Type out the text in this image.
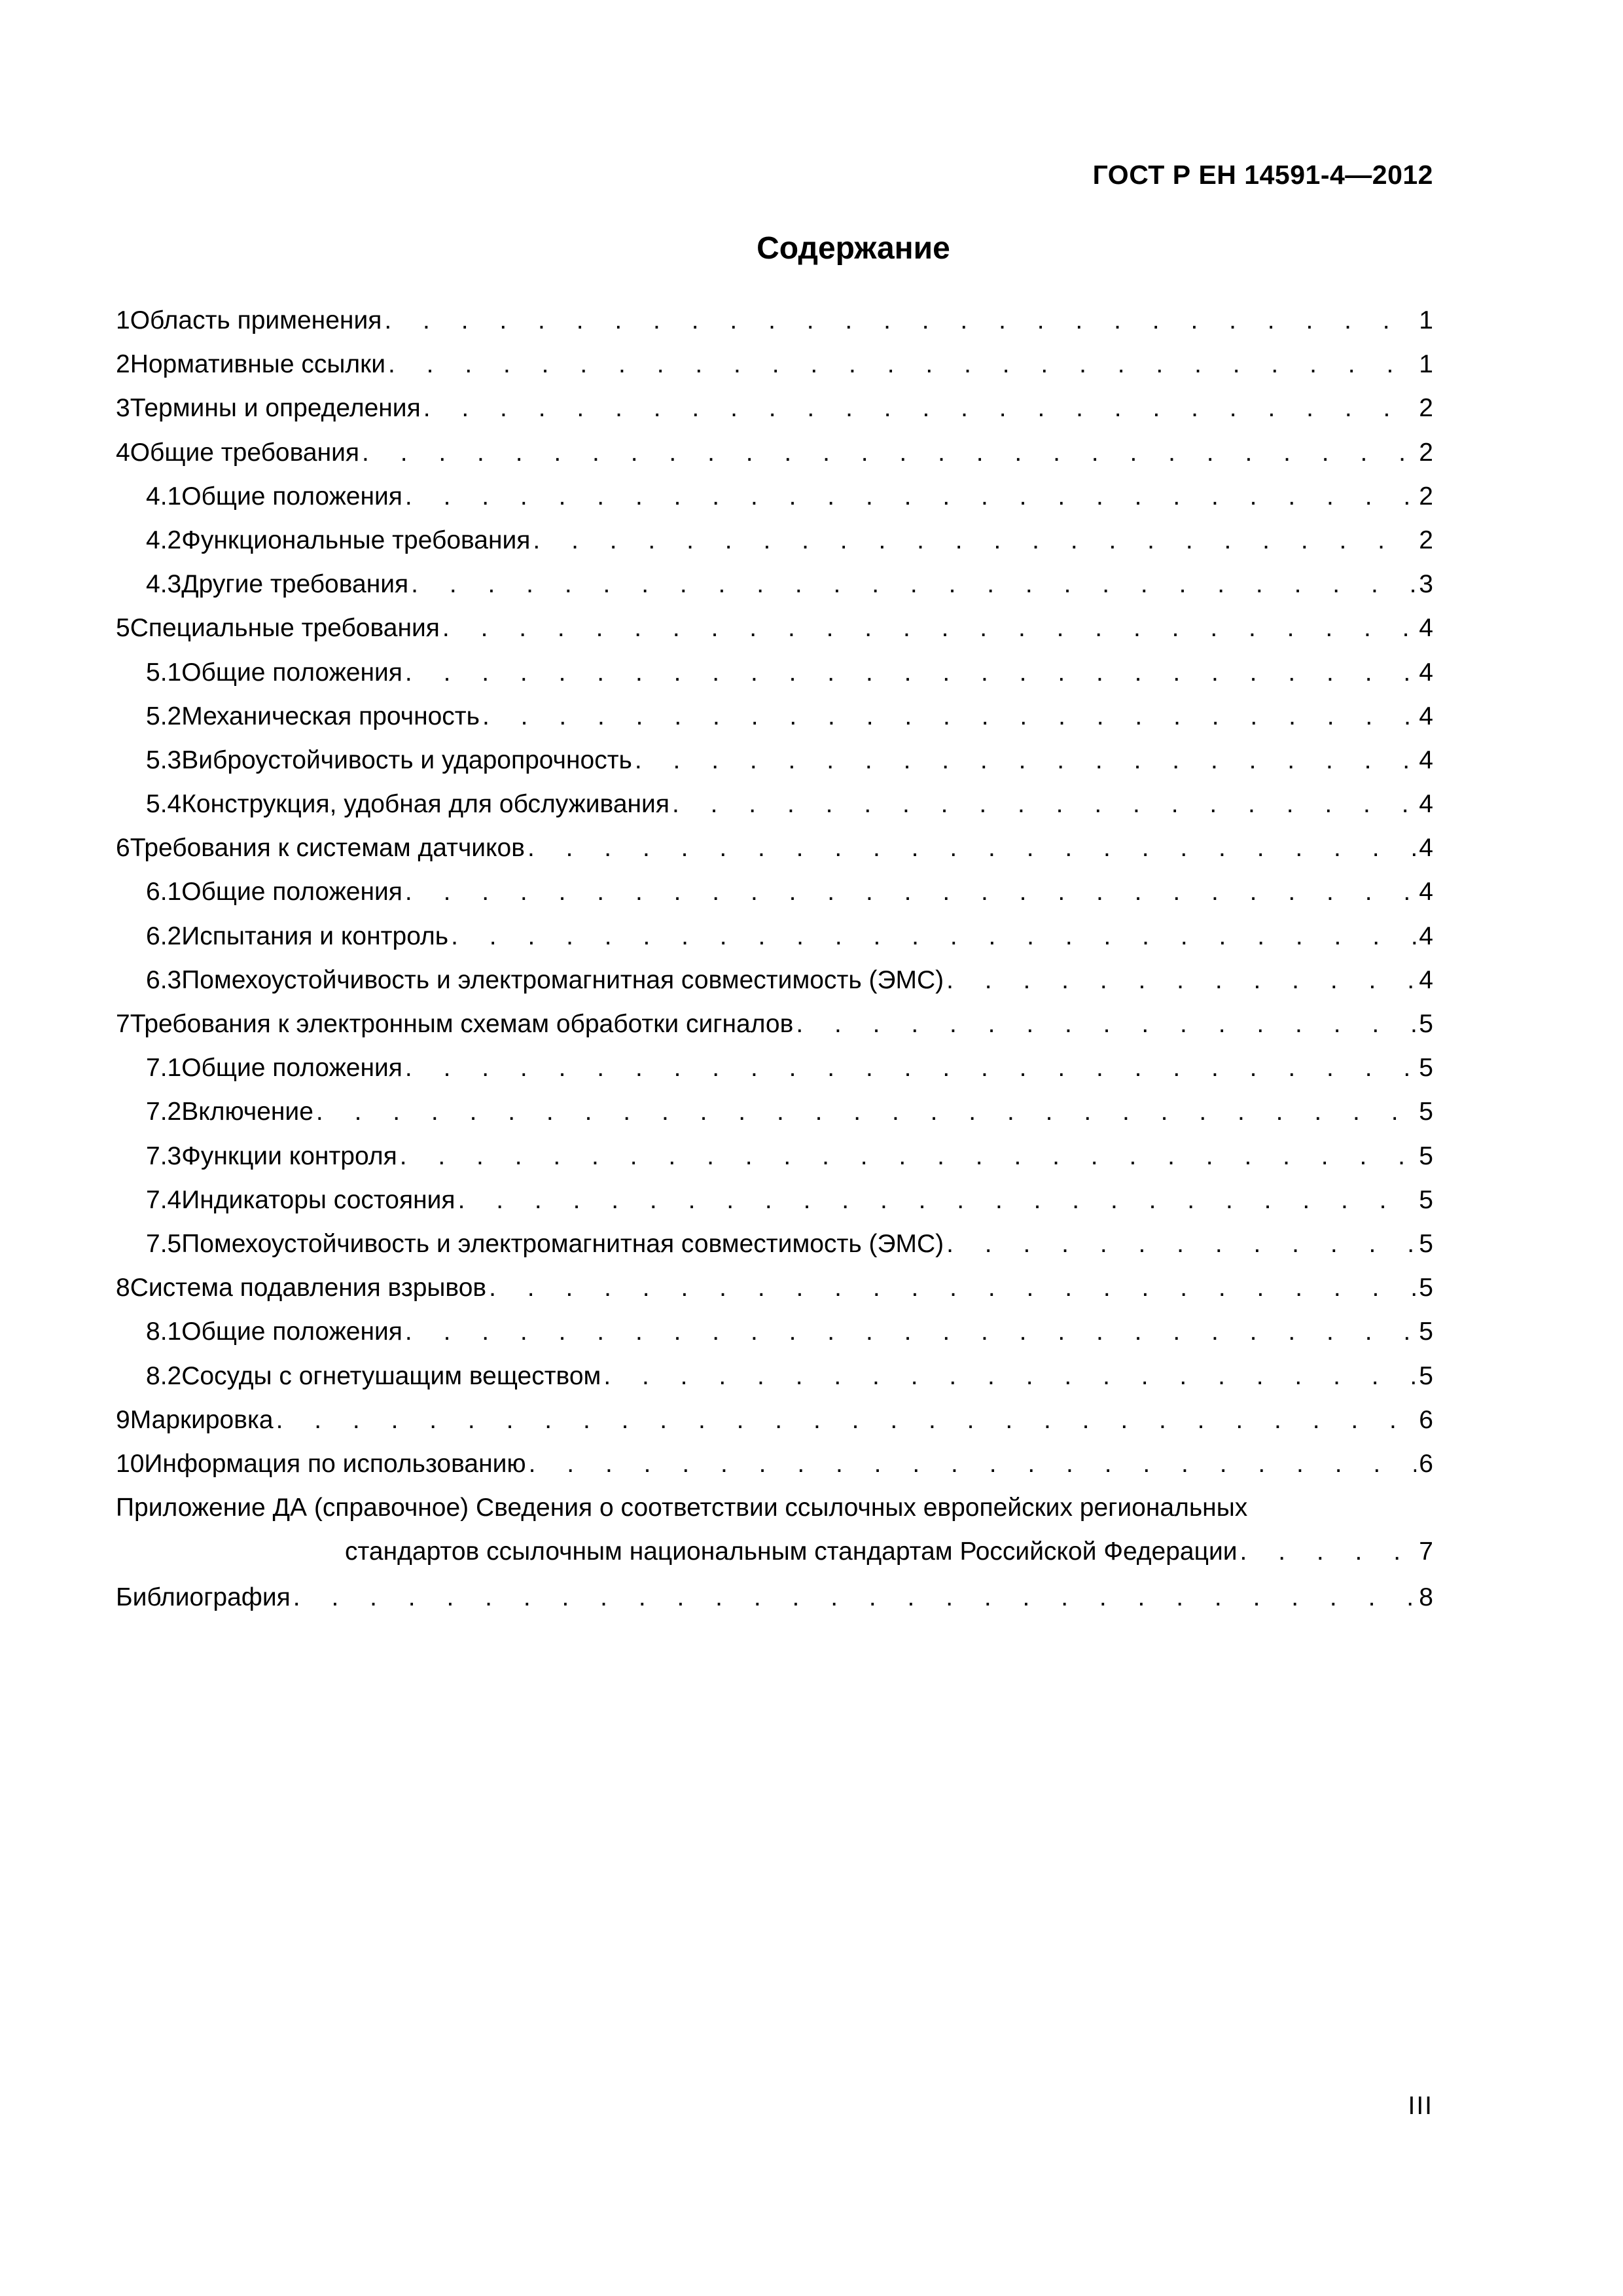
ГОСТ Р ЕН 14591-4—2012
Содержание
1 Область применения . . .	1
2 Нормативные ссылки . . .	1
3 Термины и определения . . .	2
4 Общие требования . . .	2
4.1 Общие положения . . .	2
4.2 Функциональные требования . . .	2
4.3 Другие требования . . .	3
5 Специальные требования . . .	4
5.1 Общие положения . . .	4
5.2 Механическая прочность . . .	4
5.3 Виброустойчивость и ударопрочность . . .	4
5.4 Конструкция, удобная для обслуживания . . .	4
6 Требования к системам датчиков . . .	4
6.1 Общие положения . . .	4
6.2 Испытания и контроль . . .	4
6.3 Помехоустойчивость и электромагнитная совместимость (ЭМС) . . .	4
7 Требования к электронным схемам обработки сигналов . . .	5
7.1 Общие положения . . .	5
7.2 Включение . . .	5
7.3 Функции контроля . . .	5
7.4 Индикаторы состояния . . .	5
7.5 Помехоустойчивость и электромагнитная совместимость (ЭМС) . . .	5
8 Система подавления взрывов . . .	5
8.1 Общие положения . . .	5
8.2 Сосуды с огнетушащим веществом . . .	5
9 Маркировка . . .	6
10 Информация по использованию . . .	6
Приложение ДА (справочное) Сведения о соответствии ссылочных европейских региональных
стандартов ссылочным национальным стандартам Российской Федерации . . .	7
Библиография . . .	8
III
